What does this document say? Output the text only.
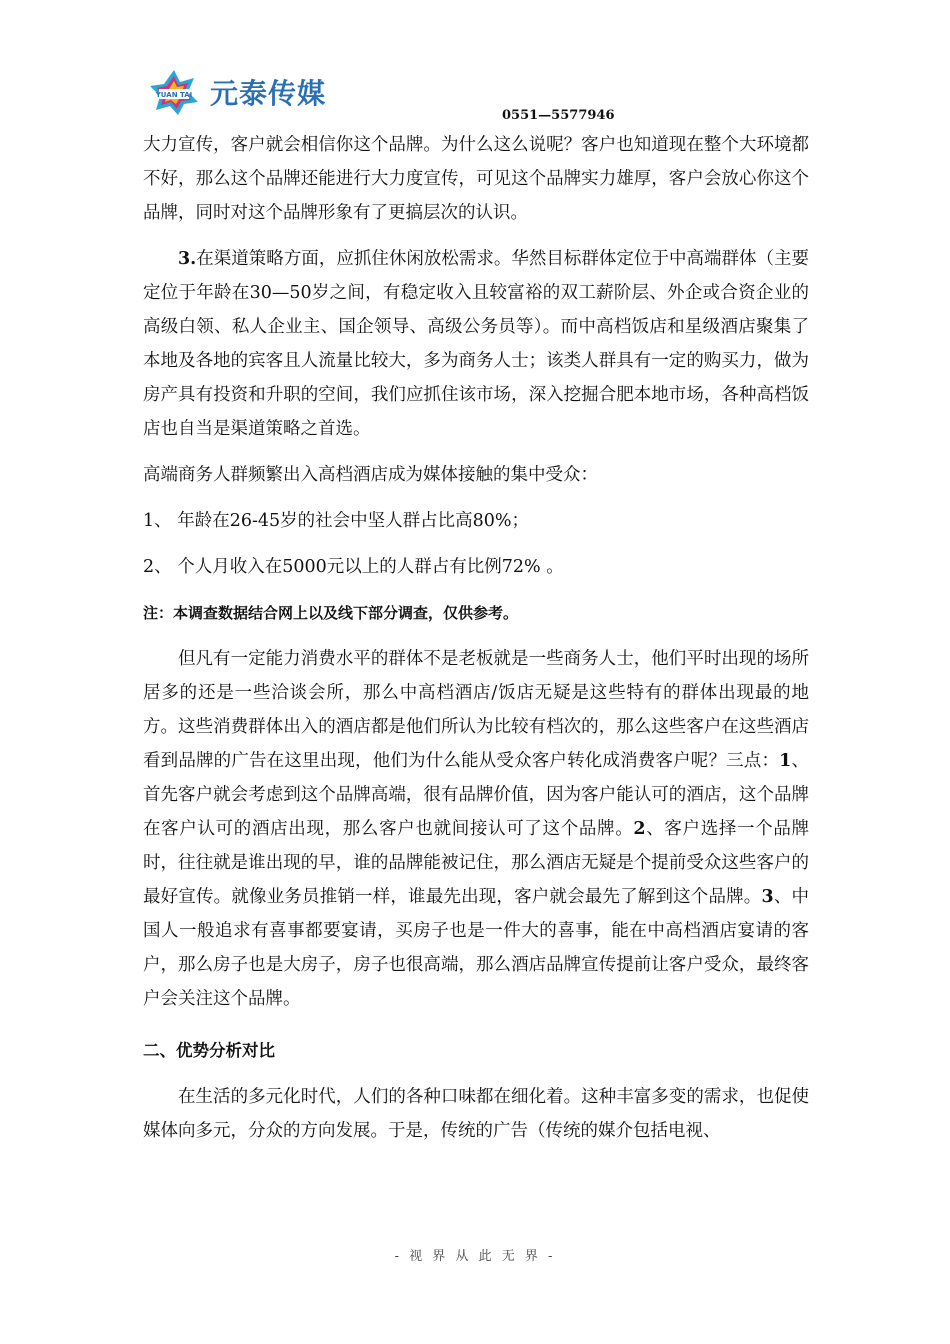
YUAN TAI 元泰传媒
0551—5577946

大力宣传，客户就会相信你这个品牌。为什么这么说呢？客户也知道现在整个大环境都不好，那么这个品牌还能进行大力度宣传，可见这个品牌实力雄厚，客户会放心你这个品牌，同时对这个品牌形象有了更搞层次的认识。

3.在渠道策略方面，应抓住休闲放松需求。华然目标群体定位于中高端群体（主要定位于年龄在30—50岁之间，有稳定收入且较富裕的双工薪阶层、外企或合资企业的高级白领、私人企业主、国企领导、高级公务员等）。而中高档饭店和星级酒店聚集了本地及各地的宾客且人流量比较大，多为商务人士；该类人群具有一定的购买力，做为房产具有投资和升职的空间，我们应抓住该市场，深入挖掘合肥本地市场，各种高档饭店也自当是渠道策略之首选。

高端商务人群频繁出入高档酒店成为媒体接触的集中受众：

1、 年龄在26-45岁的社会中坚人群占比高80%；

2、 个人月收入在5000元以上的人群占有比例72% 。

注：本调查数据结合网上以及线下部分调查，仅供参考。

但凡有一定能力消费水平的群体不是老板就是一些商务人士，他们平时出现的场所居多的还是一些洽谈会所，那么中高档酒店/饭店无疑是这些特有的群体出现最的地方。这些消费群体出入的酒店都是他们所认为比较有档次的，那么这些客户在这些酒店看到品牌的广告在这里出现，他们为什么能从受众客户转化成消费客户呢？三点：1、首先客户就会考虑到这个品牌高端，很有品牌价值，因为客户能认可的酒店，这个品牌在客户认可的酒店出现，那么客户也就间接认可了这个品牌。2、客户选择一个品牌时，往往就是谁出现的早，谁的品牌能被记住，那么酒店无疑是个提前受众这些客户的最好宣传。就像业务员推销一样，谁最先出现，客户就会最先了解到这个品牌。3、中国人一般追求有喜事都要宴请，买房子也是一件大的喜事，能在中高档酒店宴请的客户，那么房子也是大房子，房子也很高端，那么酒店品牌宣传提前让客户受众，最终客户会关注这个品牌。

二、优势分析对比

在生活的多元化时代，人们的各种口味都在细化着。这种丰富多变的需求，也促使媒体向多元，分众的方向发展。于是，传统的广告（传统的媒介包括电视、

- 视 界 从 此 无 界 -
